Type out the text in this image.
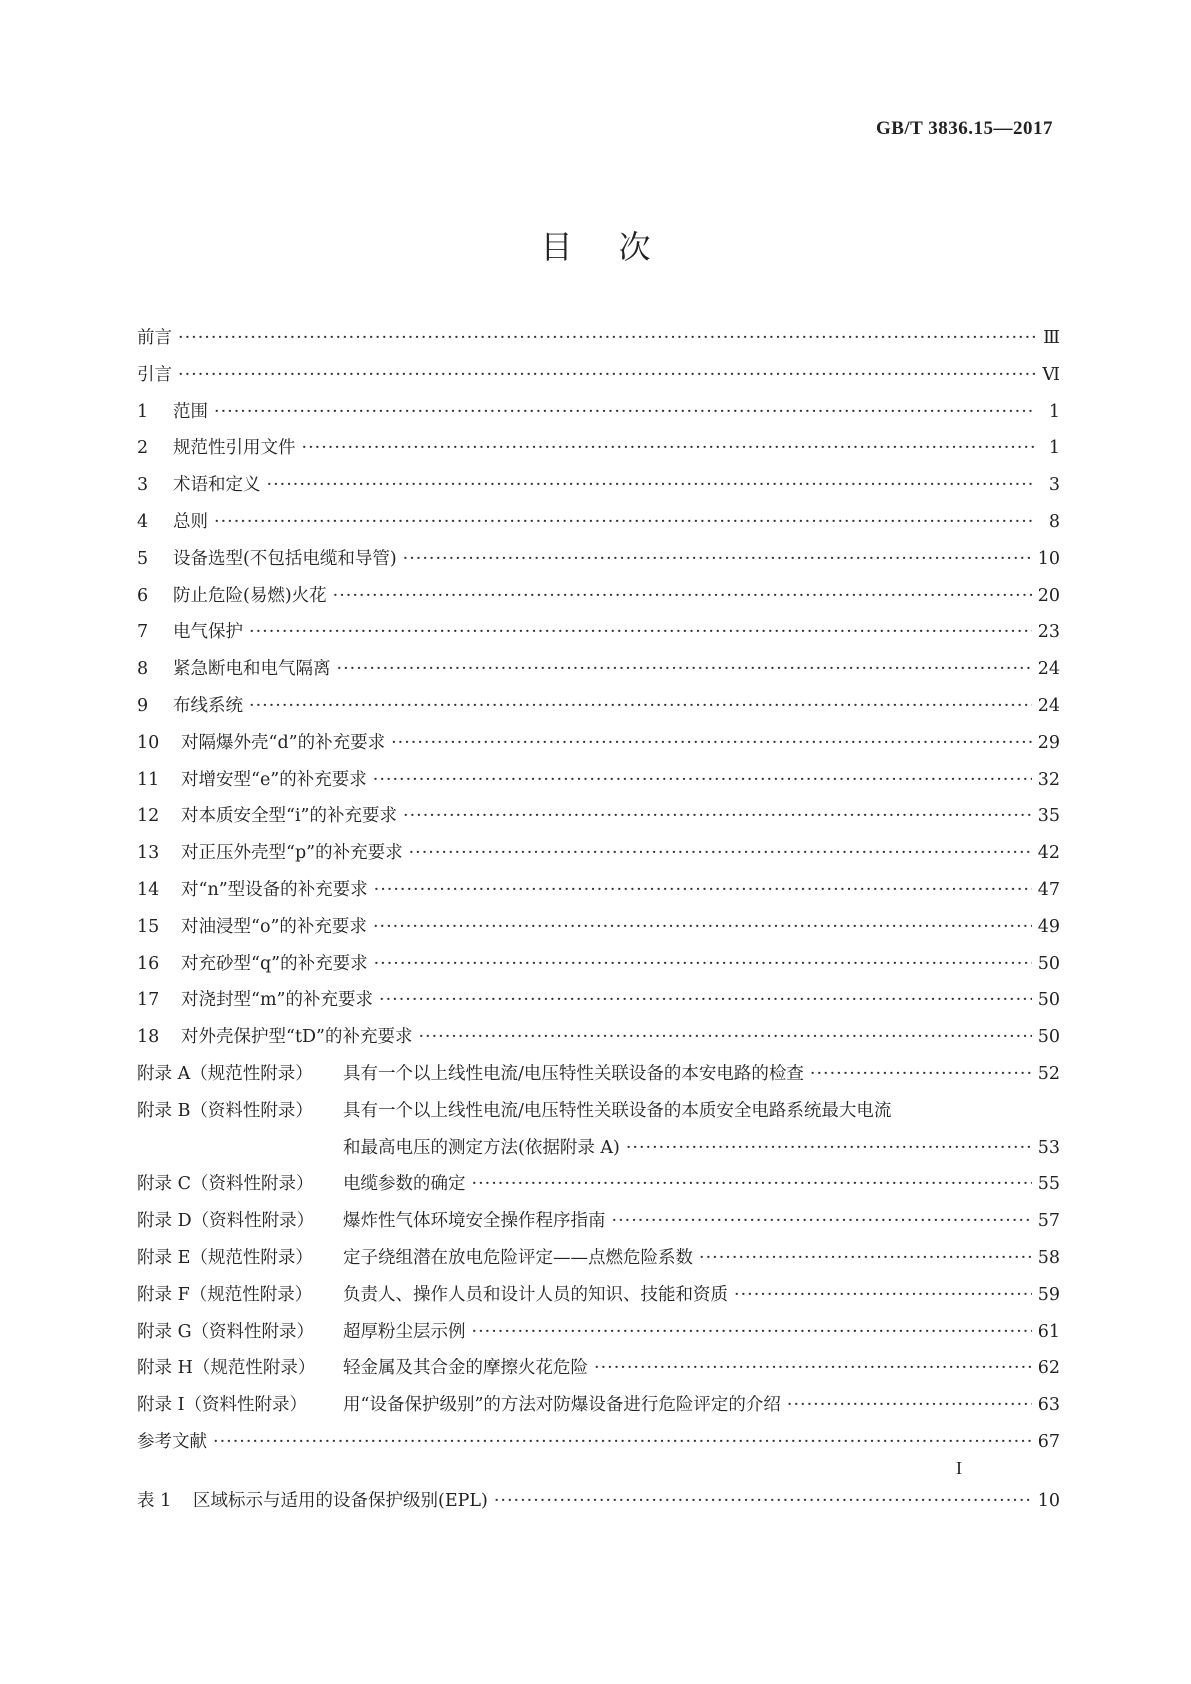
GB/T 3836.15—2017
目次
前言 ·····	Ⅲ
引言 ·····	Ⅵ
1 范围 ·····	1
2 规范性引用文件 ·····	1
3 术语和定义 ·····	3
4 总则 ·····	8
5 设备选型(不包括电缆和导管) ·····	10
6 防止危险(易燃)火花 ·····	20
7 电气保护 ·····	23
8 紧急断电和电气隔离 ·····	24
9 布线系统 ·····	24
10 对隔爆外壳“d”的补充要求 ·····	29
11 对增安型“e”的补充要求 ·····	32
12 对本质安全型“i”的补充要求 ·····	35
13 对正压外壳型“p”的补充要求 ·····	42
14 对“n”型设备的补充要求 ·····	47
15 对油浸型“o”的补充要求 ·····	49
16 对充砂型“q”的补充要求 ·····	50
17 对浇封型“m”的补充要求 ·····	50
18 对外壳保护型“tD”的补充要求 ·····	50
附录 A（规范性附录） 具有一个以上线性电流/电压特性关联设备的本安电路的检查 ·····	52
附录 B（资料性附录） 具有一个以上线性电流/电压特性关联设备的本质安全电路系统最大电流
和最高电压的测定方法(依据附录 A) ·····	53
附录 C（资料性附录） 电缆参数的确定 ·····	55
附录 D（资料性附录） 爆炸性气体环境安全操作程序指南 ·····	57
附录 E（规范性附录） 定子绕组潜在放电危险评定——点燃危险系数 ·····	58
附录 F（规范性附录） 负责人、操作人员和设计人员的知识、技能和资质 ·····	59
附录 G（资料性附录） 超厚粉尘层示例 ·····	61
附录 H（规范性附录） 轻金属及其合金的摩擦火花危险 ·····	62
附录 I（资料性附录） 用“设备保护级别”的方法对防爆设备进行危险评定的介绍 ·····	63
参考文献 ·····	67
表 1 区域标示与适用的设备保护级别(EPL) ·····	10
I
